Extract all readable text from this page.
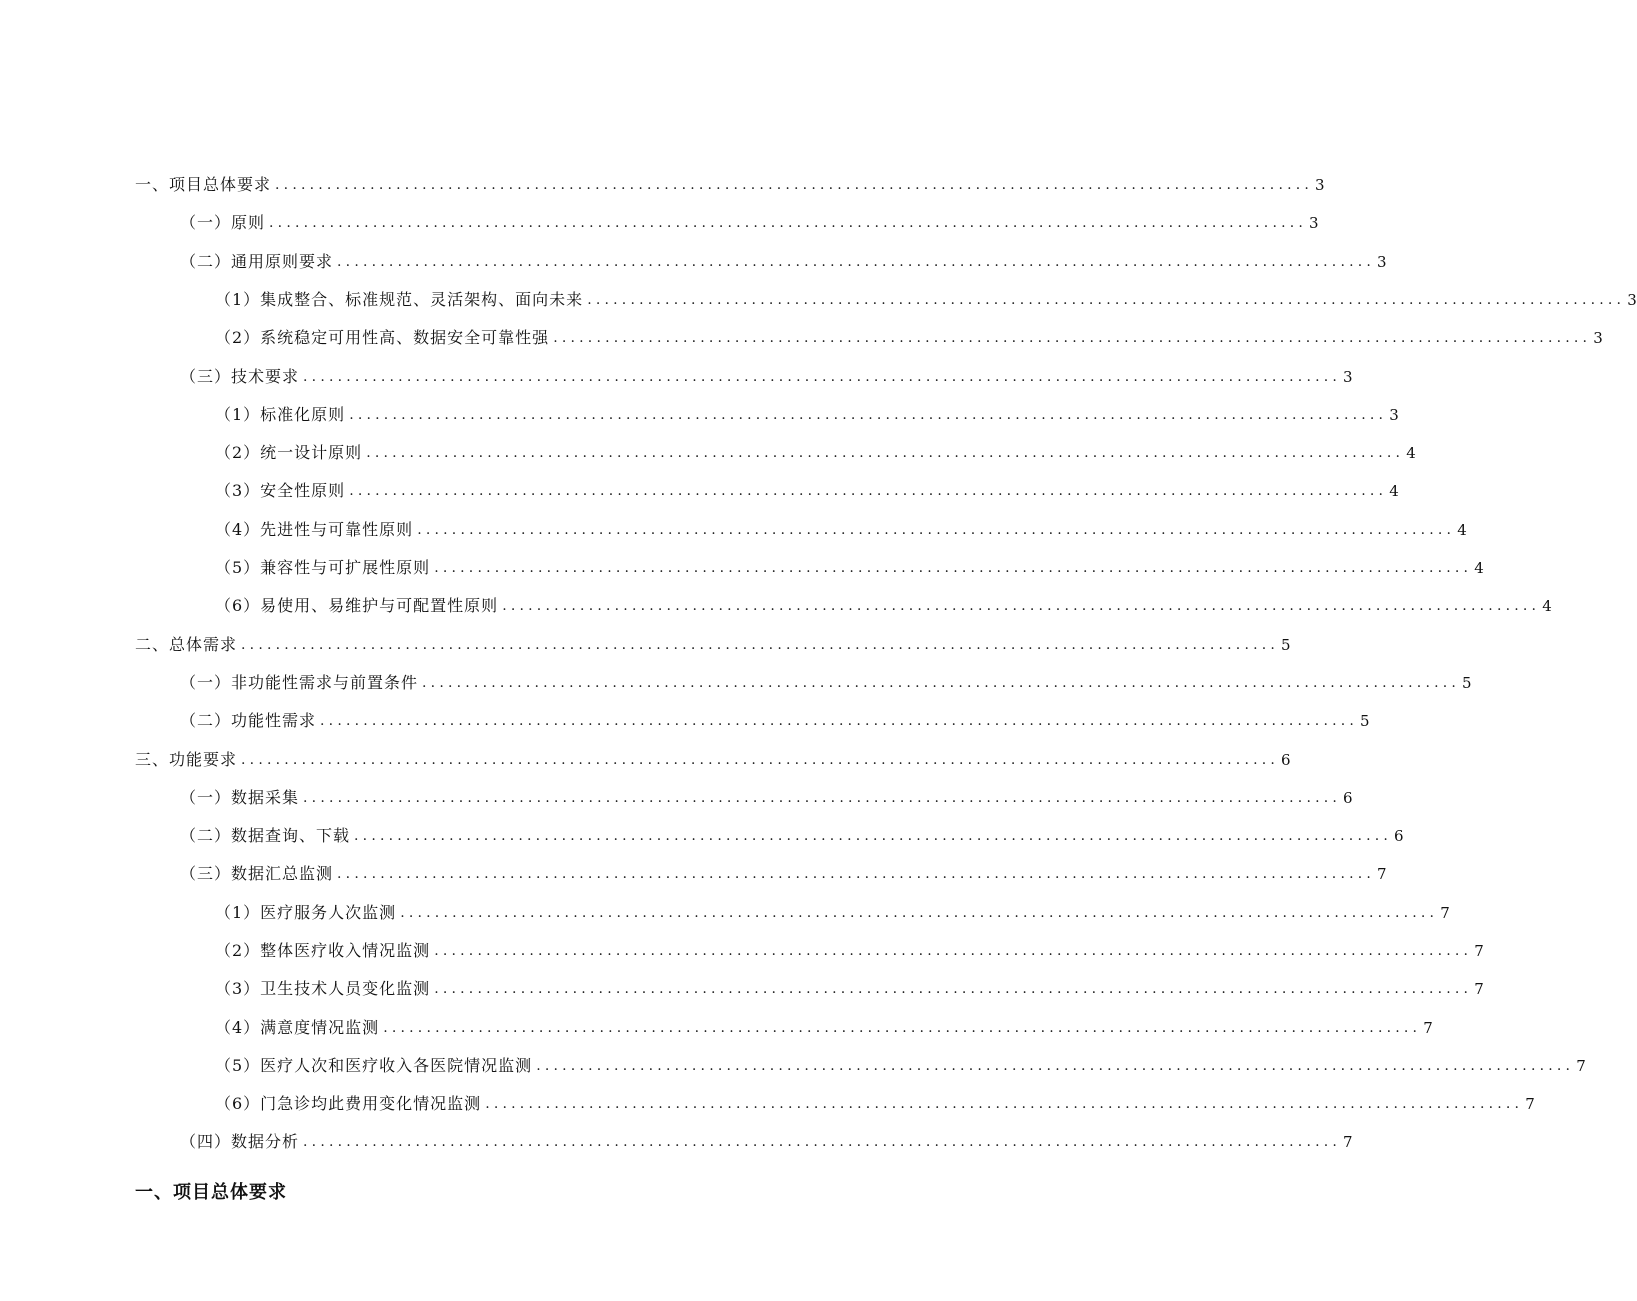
一、项目总体要求 ........................................................................................................................ 3
（一）原则 ........................................................................................................................ 3
（二）通用原则要求 ........................................................................................................................ 3
（1）集成整合、标准规范、灵活架构、面向未来 ........................................................................................................................ 3
（2）系统稳定可用性高、数据安全可靠性强 ........................................................................................................................ 3
（三）技术要求 ........................................................................................................................ 3
（1）标准化原则 ........................................................................................................................ 3
（2）统一设计原则 ........................................................................................................................ 4
（3）安全性原则 ........................................................................................................................ 4
（4）先进性与可靠性原则 ........................................................................................................................ 4
（5）兼容性与可扩展性原则 ........................................................................................................................ 4
（6）易使用、易维护与可配置性原则 ........................................................................................................................ 4
二、总体需求 ........................................................................................................................ 5
（一）非功能性需求与前置条件 ........................................................................................................................ 5
（二）功能性需求 ........................................................................................................................ 5
三、功能要求 ........................................................................................................................ 6
（一）数据采集 ........................................................................................................................ 6
（二）数据查询、下载 ........................................................................................................................ 6
（三）数据汇总监测 ........................................................................................................................ 7
（1）医疗服务人次监测 ........................................................................................................................ 7
（2）整体医疗收入情况监测 ........................................................................................................................ 7
（3）卫生技术人员变化监测 ........................................................................................................................ 7
（4）满意度情况监测 ........................................................................................................................ 7
（5）医疗人次和医疗收入各医院情况监测 ........................................................................................................................ 7
（6）门急诊均此费用变化情况监测 ........................................................................................................................ 7
（四）数据分析 ........................................................................................................................ 7
一、项目总体要求
